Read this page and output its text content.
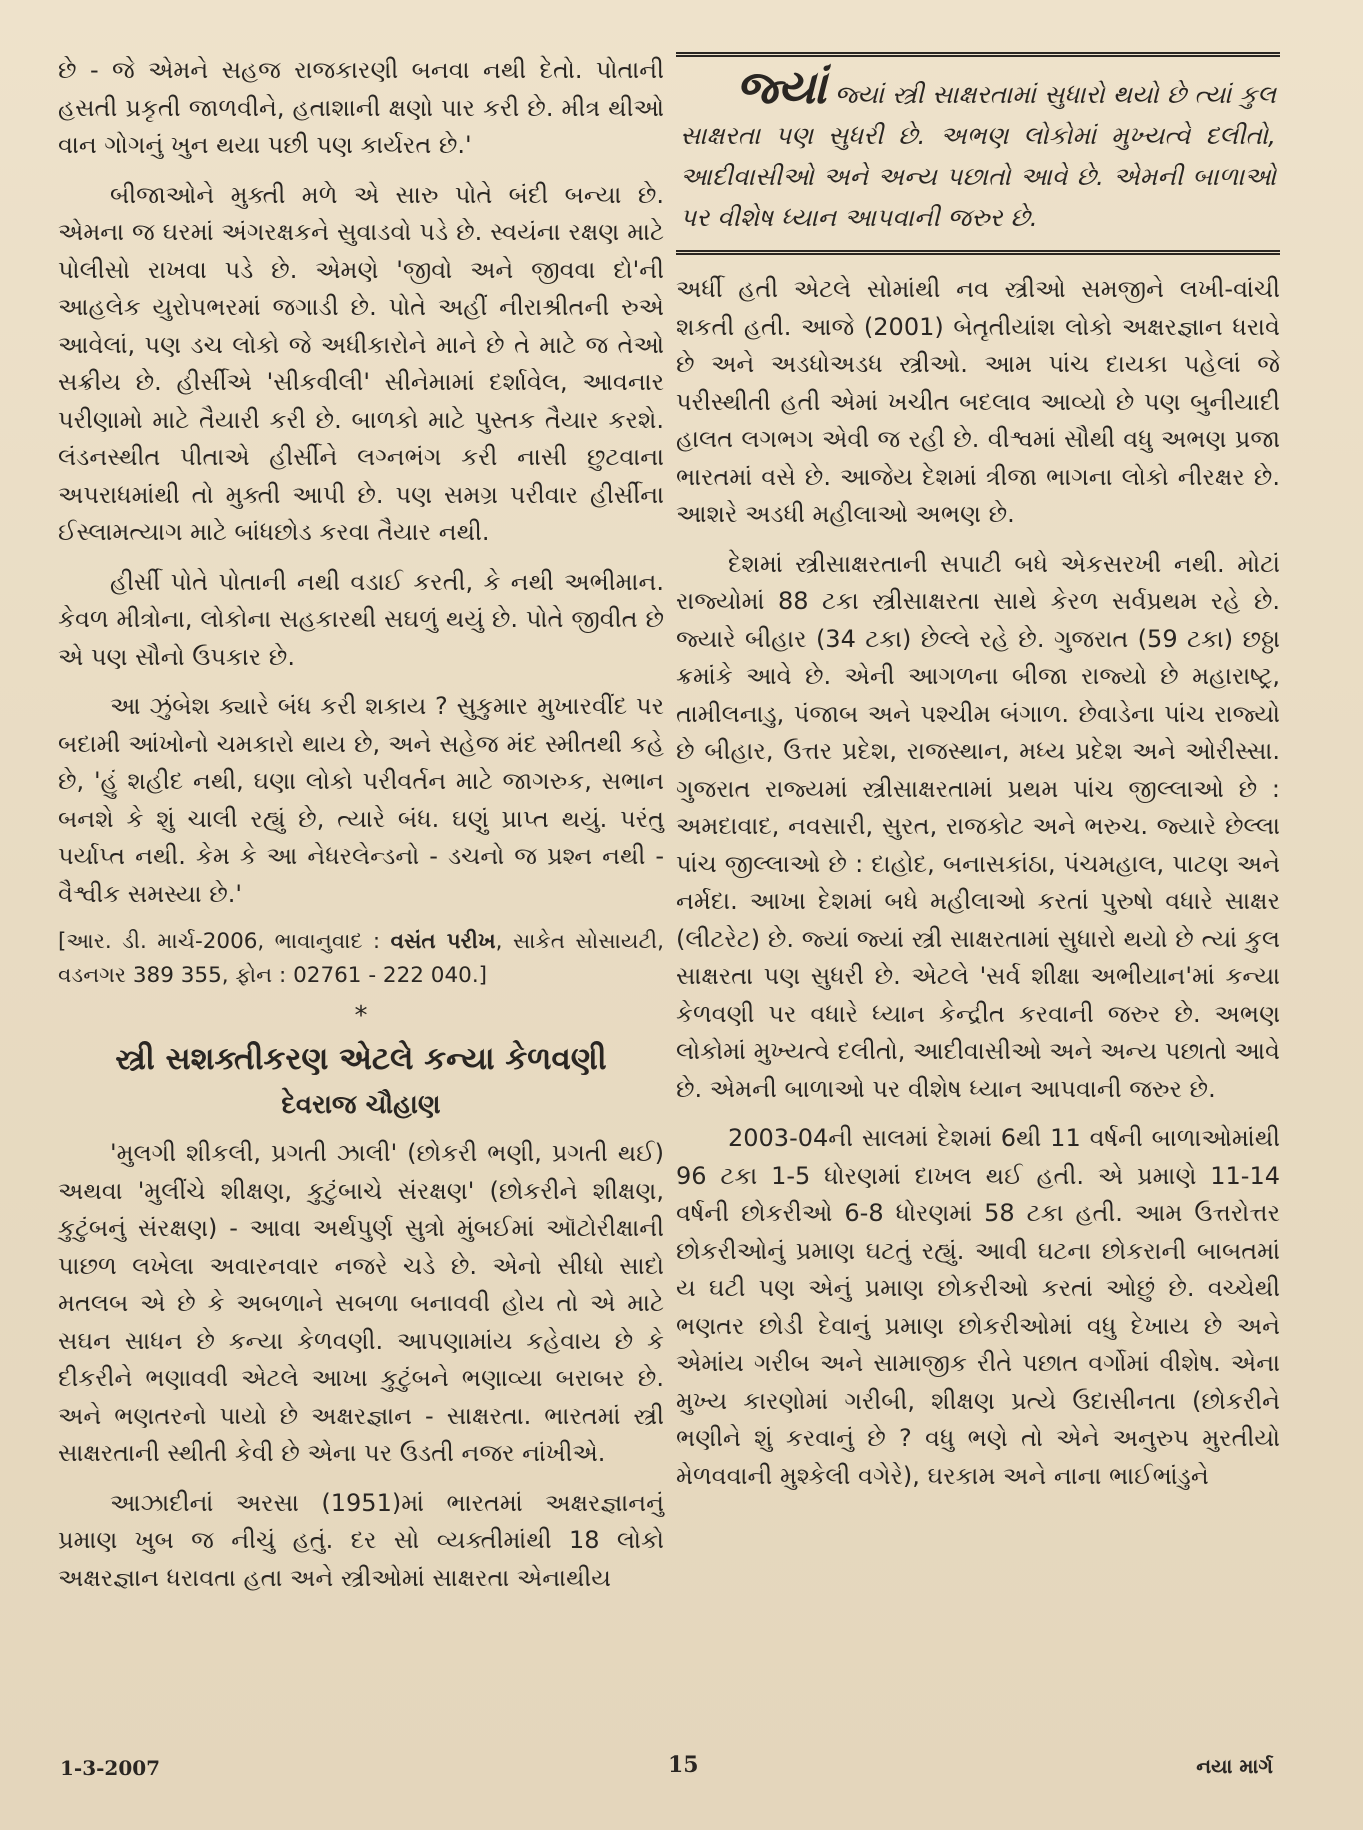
છે - જે એમને સહજ રાજકારણી બનવા નથી દેતો. પોતાની હસતી પ્રકૃતી જાળવીને, હતાશાની ક્ષણો પાર કરી છે. મીત્ર થીઓ વાન ગોગનું ખુન થયા પછી પણ કાર્યરત છે.'

બીજાઓને મુક્તી મળે એ સારુ પોતે બંદી બન્યા છે. એમના જ ઘરમાં અંગરક્ષકને સુવાડવો પડે છે. સ્વયંના રક્ષણ માટે પોલીસો રાખવા પડે છે. એમણે 'જીવો અને જીવવા દો'ની આહલેક યુરોપભરમાં જગાડી છે. પોતે અહીં નીરાશ્રીતની રુએ આવેલાં, પણ ડચ લોકો જે અધીકારોને માને છે તે માટે જ તેઓ સક્રીય છે. હીર્સીએ 'સીકવીલી' સીનેમામાં દર્શાવેલ, આવનાર પરીણામો માટે તૈયારી કરી છે. બાળકો માટે પુસ્તક તૈયાર કરશે. લંડનસ્થીત પીતાએ હીર્સીને લગ્નભંગ કરી નાસી છુટવાના અપરાધમાંથી તો મુક્તી આપી છે. પણ સમગ્ર પરીવાર હીર્સીના ઈસ્લામત્યાગ માટે બાંધછોડ કરવા તૈયાર નથી.

હીર્સી પોતે પોતાની નથી વડાઈ કરતી, કે નથી અભીમાન. કેવળ મીત્રોના, લોકોના સહકારથી સઘળું થયું છે. પોતે જીવીત છે એ પણ સૌનો ઉપકાર છે.

આ ઝુંબેશ ક્યારે બંધ કરી શકાય ? સુકુમાર મુખારવીંદ પર બદામી આંખોનો ચમકારો થાય છે, અને સહેજ મંદ સ્મીતથી કહે છે, 'હું શહીદ નથી, ઘણા લોકો પરીવર્તન માટે જાગરુક, સભાન બનશે કે શું ચાલી રહ્યું છે, ત્યારે બંધ. ઘણું પ્રાપ્ત થયું. પરંતુ પર્યાપ્ત નથી. કેમ કે આ નેધરલેન્ડનો - ડચનો જ પ્રશ્ન નથી - વૈશ્વીક સમસ્યા છે.'

[આર. ડી. માર્ચ-2006, ભાવાનુવાદ : વસંત પરીખ, સાકેત સોસાયટી, વડનગર 389 355, ફોન : 02761 - 222 040.]

*
સ્ત્રી સશક્તીકરણ એટલે કન્યા કેળવણી
દેવરાજ ચૌહાણ

'મુલગી શીકલી, પ્રગતી ઝાલી' (છોકરી ભણી, પ્રગતી થઈ) અથવા 'મુલીંચે શીક્ષણ, કુટુંબાચે સંરક્ષણ' (છોકરીને શીક્ષણ, કુટુંબનું સંરક્ષણ) - આવા અર્થપુર્ણ સુત્રો મુંબઈમાં ઑટોરીક્ષાની પાછળ લખેલા અવારનવાર નજરે ચડે છે. એનો સીધો સાદો મતલબ એ છે કે અબળાને સબળા બનાવવી હોય તો એ માટે સઘન સાધન છે કન્યા કેળવણી. આપણામાંય કહેવાય છે કે દીકરીને ભણાવવી એટલે આખા કુટુંબને ભણાવ્યા બરાબર છે. અને ભણતરનો પાયો છે અક્ષરજ્ઞાન - સાક્ષરતા. ભારતમાં સ્ત્રી સાક્ષરતાની સ્થીતી કેવી છે એના પર ઉડતી નજર નાંખીએ.

આઝાદીનાં અરસા (1951)માં ભારતમાં અક્ષરજ્ઞાનનું પ્રમાણ ખુબ જ નીચું હતું. દર સો વ્યક્તીમાંથી 18 લોકો અક્ષરજ્ઞાન ધરાવતા હતા અને સ્ત્રીઓમાં સાક્ષરતા એનાથીય

જ્યાં જ્યાં સ્ત્રી સાક્ષરતામાં સુધારો થયો છે ત્યાં કુલ સાક્ષરતા પણ સુધરી છે. અભણ લોકોમાં મુખ્યત્વે દલીતો, આદીવાસીઓ અને અન્ય પછાતો આવે છે. એમની બાળાઓ પર વીશેષ ધ્યાન આપવાની જરુર છે.

અર્ધી હતી એટલે સોમાંથી નવ સ્ત્રીઓ સમજીને લખી-વાંચી શકતી હતી. આજે (2001) બેતૃતીયાંશ લોકો અક્ષરજ્ઞાન ધરાવે છે અને અડધોઅડધ સ્ત્રીઓ. આમ પાંચ દાયકા પહેલાં જે પરીસ્થીતી હતી એમાં ખચીત બદલાવ આવ્યો છે પણ બુનીયાદી હાલત લગભગ એવી જ રહી છે. વીશ્વમાં સૌથી વધુ અભણ પ્રજા ભારતમાં વસે છે. આજેય દેશમાં ત્રીજા ભાગના લોકો નીરક્ષર છે. આશરે અડધી મહીલાઓ અભણ છે.

દેશમાં સ્ત્રીસાક્ષરતાની સપાટી બધે એકસરખી નથી. મોટાં રાજ્યોમાં 88 ટકા સ્ત્રીસાક્ષરતા સાથે કેરળ સર્વપ્રથમ રહે છે. જ્યારે બીહાર (34 ટકા) છેલ્લે રહે છે. ગુજરાત (59 ટકા) છઠ્ઠા ક્રમાંકે આવે છે. એની આગળના બીજા રાજ્યો છે મહારાષ્ટ્ર, તામીલનાડુ, પંજાબ અને પશ્ચીમ બંગાળ. છેવાડેના પાંચ રાજ્યો છે બીહાર, ઉત્તર પ્રદેશ, રાજસ્થાન, મધ્ય પ્રદેશ અને ઓરીસ્સા. ગુજરાત રાજ્યમાં સ્ત્રીસાક્ષરતામાં પ્રથમ પાંચ જીલ્લાઓ છે : અમદાવાદ, નવસારી, સુરત, રાજકોટ અને ભરુચ. જ્યારે છેલ્લા પાંચ જીલ્લાઓ છે : દાહોદ, બનાસકાંઠા, પંચમહાલ, પાટણ અને નર્મદા. આખા દેશમાં બધે મહીલાઓ કરતાં પુરુષો વધારે સાક્ષર (લીટરેટ) છે. જ્યાં જ્યાં સ્ત્રી સાક્ષરતામાં સુધારો થયો છે ત્યાં કુલ સાક્ષરતા પણ સુધરી છે. એટલે 'સર્વ શીક્ષા અભીયાન'માં કન્યા કેળવણી પર વધારે ધ્યાન કેન્દ્રીત કરવાની જરુર છે. અભણ લોકોમાં મુખ્યત્વે દલીતો, આદીવાસીઓ અને અન્ય પછાતો આવે છે. એમની બાળાઓ પર વીશેષ ધ્યાન આપવાની જરુર છે.

2003-04ની સાલમાં દેશમાં 6થી 11 વર્ષની બાળાઓમાંથી 96 ટકા 1-5 ધોરણમાં દાખલ થઈ હતી. એ પ્રમાણે 11-14 વર્ષની છોકરીઓ 6-8 ધોરણમાં 58 ટકા હતી. આમ ઉત્તરોત્તર છોકરીઓનું પ્રમાણ ઘટતું રહ્યું. આવી ઘટના છોકરાની બાબતમાં ય ઘટી પણ એનું પ્રમાણ છોકરીઓ કરતાં ઓછું છે. વચ્ચેથી ભણતર છોડી દેવાનું પ્રમાણ છોકરીઓમાં વધુ દેખાય છે અને એમાંય ગરીબ અને સામાજીક રીતે પછાત વર્ગોમાં વીશેષ. એના મુખ્ય કારણોમાં ગરીબી, શીક્ષણ પ્રત્યે ઉદાસીનતા (છોકરીને ભણીને શું કરવાનું છે ? વધુ ભણે તો એને અનુરુપ મુરતીયો મેળવવાની મુશ્કેલી વગેરે), ઘરકામ અને નાના ભાઈભાંડુને

1-3-2007	15	નયા માર્ગ
